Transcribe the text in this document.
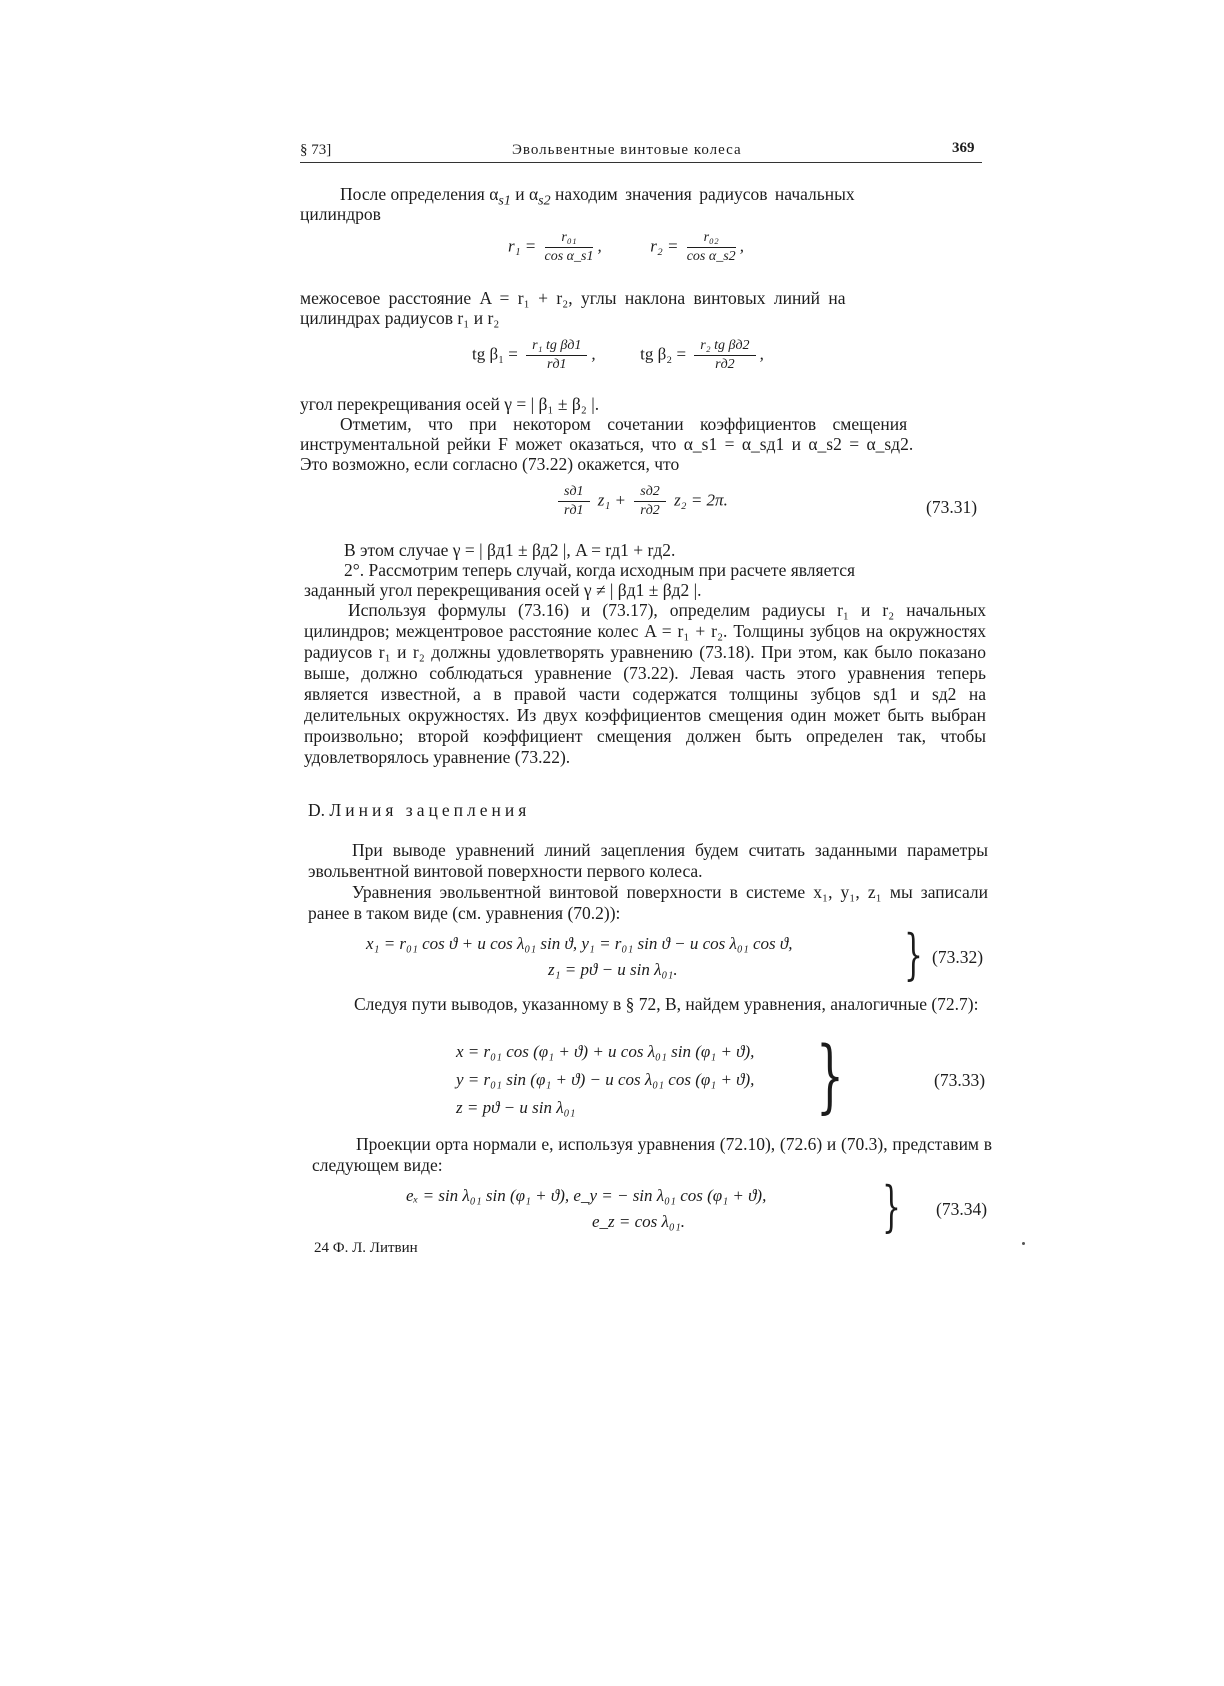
§ 73]	Эвольвентные винтовые колеса	369
После определения $\alpha_{s1}$ и $\alpha_{s2}$ находим значения радиусов начальных
цилиндров
$r_1 = \frac{\text{r₀₁}}{\text{cos α\_s1}}$ ,	$r_2 = \frac{\text{r₀₂}}{\text{cos α\_s2}}$ ,
межосевое расстояние A = r₁ + r₂, углы наклона винтовых линий на
цилиндрах радиусов r₁ и r₂
tg $\beta_1 = \frac{\text{r₁ tg βд1}}{rд1}$ ,  tg $\beta_2 = \frac{\text{r₂ tg βд2}}{rд2}$ ,
угол перекрещивания осей γ = | β₁ ± β₂ |.
Отметим, что при некотором сочетании коэффициентов смещения
инструментальной рейки F может оказаться, что α_s1 = α_sд1 и α_s2 = α_sд2.
Это возможно, если согласно (73.22) окажется, что
$\frac{sд1}{rд1} z_1 + \frac{sд2}{rд2} z_2 = 2\pi$.	(73.31)
В этом случае γ = | βд1 ± βд2 |, A = rд1 + rд2.
2°. Рассмотрим теперь случай, когда исходным при расчете является
заданный угол перекрещивания осей γ ≠ | βд1 ± βд2 |.
Используя формулы (73.16) и (73.17), определим радиусы r₁ и r₂ начальных цилиндров; межцентровое расстояние колес A = r₁ + r₂. Толщины зубцов на окружностях радиусов r₁ и r₂ должны удовлетворять уравнению (73.18). При этом, как было показано выше, должно соблюдаться уравнение (73.22). Левая часть этого уравнения теперь является известной, а в правой части содержатся толщины зубцов sд1 и sд2 на делительных окружностях. Из двух коэффициентов смещения один может быть выбран произвольно; второй коэффициент смещения должен быть определен так, чтобы удовлетворялось уравнение (73.22).
D. Линия зацепления
При выводе уравнений линий зацепления будем считать заданными параметры эвольвентной винтовой поверхности первого колеса.
Уравнения эвольвентной винтовой поверхности в системе x₁, y₁, z₁ мы записали ранее в таком виде (см. уравнения (70.2)):
x₁ = r₀₁ cos ϑ + u cos λ₀₁ sin ϑ, y₁ = r₀₁ sin ϑ − u cos λ₀₁ cos ϑ,
z₁ = pϑ − u sin λ₀₁.	} (73.32)
Следуя пути выводов, указанному в § 72, B, найдем уравнения, аналогичные (72.7):
x = r₀₁ cos (φ₁ + ϑ) + u cos λ₀₁ sin (φ₁ + ϑ),
y = r₀₁ sin (φ₁ + ϑ) − u cos λ₀₁ cos (φ₁ + ϑ),
z = pϑ − u sin λ₀₁	}	(73.33)
Проекции орта нормали e, используя уравнения (72.10), (72.6) и (70.3), представим в следующем виде:
eₓ = sin λ₀₁ sin (φ₁ + ϑ), e_y = − sin λ₀₁ cos (φ₁ + ϑ),
e_z = cos λ₀₁.	} (73.34)
24 Ф. Л. Литвин
